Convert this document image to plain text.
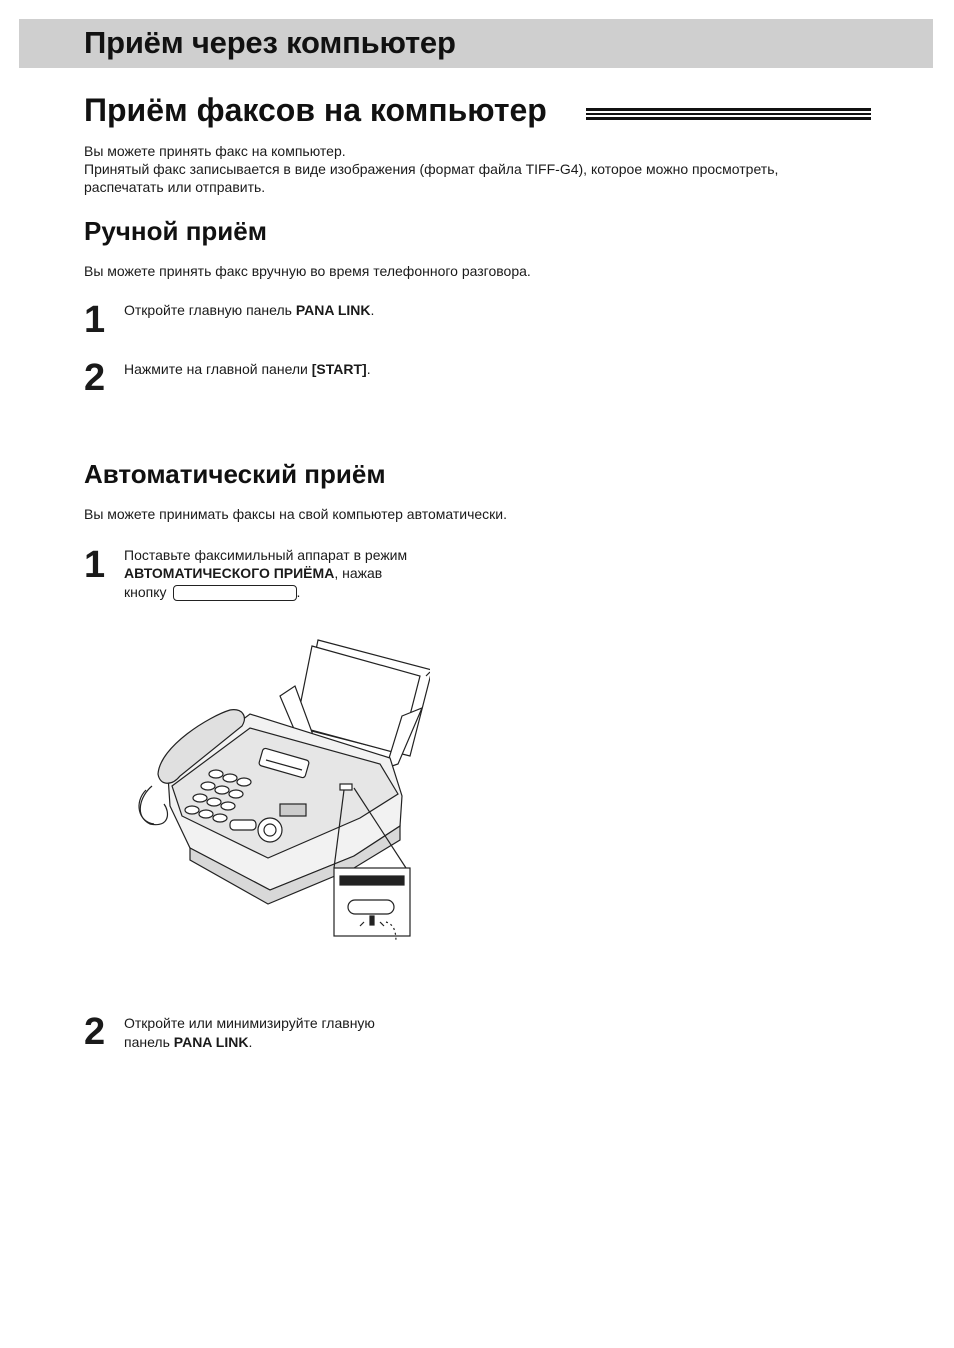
Приём через компьютер
Приём факсов на компьютер

Вы можете принять факс на компьютер.

Принятый факс записывается в виде изображения (формат файла TIFF-G4), которое можно просмотреть,

распечатать или отправить.

Ручной приём

Вы можете принять факс вручную во время телефонного разговора.

1 Откройте главную панель PANA LINK.

2 Нажмите на главной панели [START].

Автоматический приём

Вы можете принимать факсы на свой компьютер автоматически.

1 Поставьте факсимильный аппарат в режим

АВТОМАТИЧЕСКОГО ПРИЁМА, нажав

кнопку	.

2 Откройте или минимизируйте главную

панель PANA LINK.
